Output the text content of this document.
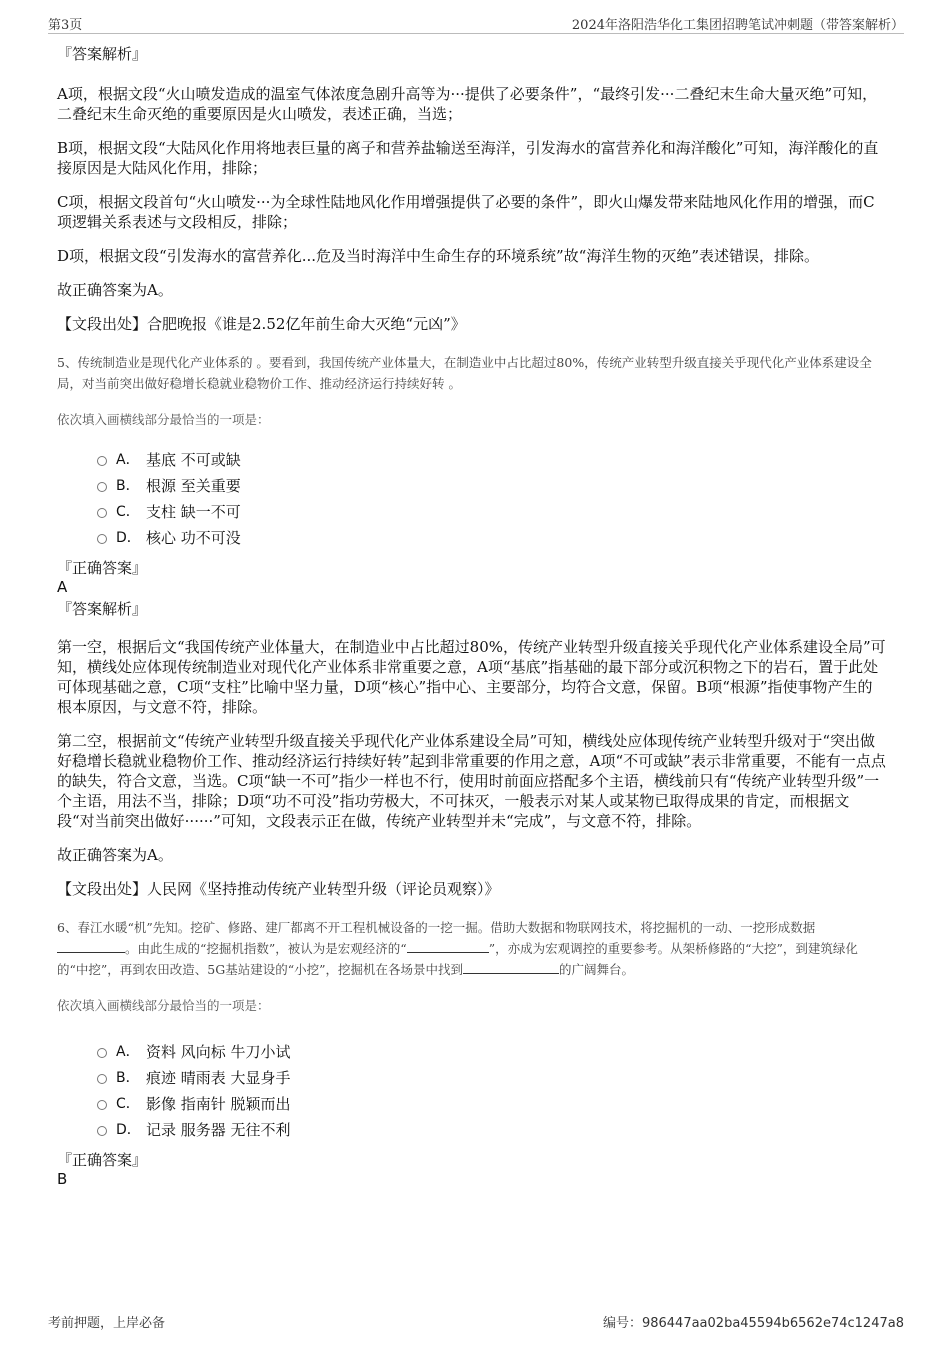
第3页	2024年洛阳浩华化工集团招聘笔试冲刺题（带答案解析）
『答案解析』
A项，根据文段“火山喷发造成的温室气体浓度急剧升高等为···提供了必要条件”，“最终引发···二叠纪末生命大量灭绝”可知，二叠纪末生命灭绝的重要原因是火山喷发，表述正确，当选；
B项，根据文段“大陆风化作用将地表巨量的离子和营养盐输送至海洋，引发海水的富营养化和海洋酸化”可知，海洋酸化的直接原因是大陆风化作用，排除；
C项，根据文段首句“火山喷发···为全球性陆地风化作用增强提供了必要的条件”，即火山爆发带来陆地风化作用的增强，而C项逻辑关系表述与文段相反，排除；
D项，根据文段“引发海水的富营养化...危及当时海洋中生命生存的环境系统”故“海洋生物的灭绝”表述错误，排除。
故正确答案为A。
【文段出处】合肥晚报《谁是2.52亿年前生命大灭绝“元凶”》
5、传统制造业是现代化产业体系的 。要看到，我国传统产业体量大，在制造业中占比超过80%，传统产业转型升级直接关乎现代化产业体系建设全局，对当前突出做好稳增长稳就业稳物价工作、推动经济运行持续好转 。
依次填入画横线部分最恰当的一项是：
A． 基底 不可或缺
B． 根源 至关重要
C． 支柱 缺一不可
D． 核心 功不可没
『正确答案』
A
『答案解析』
第一空，根据后文“我国传统产业体量大，在制造业中占比超过80%，传统产业转型升级直接关乎现代化产业体系建设全局”可知，横线处应体现传统制造业对现代化产业体系非常重要之意，A项“基底”指基础的最下部分或沉积物之下的岩石，置于此处可体现基础之意，C项“支柱”比喻中坚力量，D项“核心”指中心、主要部分，均符合文意，保留。B项“根源”指使事物产生的根本原因，与文意不符，排除。
第二空，根据前文“传统产业转型升级直接关乎现代化产业体系建设全局”可知，横线处应体现传统产业转型升级对于“突出做好稳增长稳就业稳物价工作、推动经济运行持续好转”起到非常重要的作用之意，A项“不可或缺”表示非常重要，不能有一点点的缺失，符合文意，当选。C项“缺一不可”指少一样也不行，使用时前面应搭配多个主语，横线前只有“传统产业转型升级”一个主语，用法不当，排除；D项“功不可没”指功劳极大，不可抹灭，一般表示对某人或某物已取得成果的肯定，而根据文段“对当前突出做好······”可知，文段表示正在做，传统产业转型并未“完成”，与文意不符，排除。
故正确答案为A。
【文段出处】人民网《坚持推动传统产业转型升级（评论员观察）》
6、春江水暖“机”先知。挖矿、修路、建厂都离不开工程机械设备的一挖一掘。借助大数据和物联网技术，将挖掘机的一动、一挖形成数据
。由此生成的“挖掘机指数”，被认为是宏观经济的“	”，亦成为宏观调控的重要参考。从架桥修路的“大挖”，到建筑绿化的“中挖”，再到农田改造、5G基站建设的“小挖”，挖掘机在各场景中找到	的广阔舞台。
依次填入画横线部分最恰当的一项是：
A． 资料 风向标 牛刀小试
B． 痕迹 晴雨表 大显身手
C． 影像 指南针 脱颖而出
D． 记录 服务器 无往不利
『正确答案』
B
考前押题，上岸必备	编号：986447aa02ba45594b6562e74c1247a8
